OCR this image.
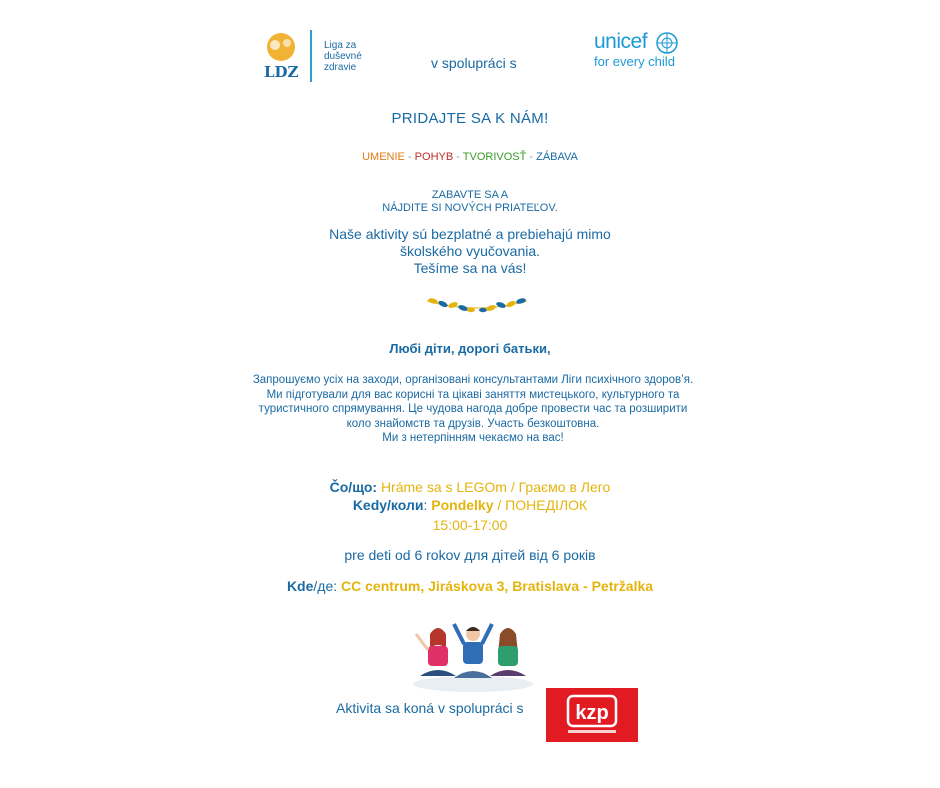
LDZ
Liga za
duševné
zdravie	v spolupráci s
unicef
for every child
PRIDAJTE SA K NÁM!
UMENIE - POHYB - TVORIVOSŤ - ZÁBAVA
ZABAVTE SA A
NÁJDITE SI NOVÝCH PRIATEĽOV.
Naše aktivity sú bezplatné a prebiehajú mimo
školského vyučovania.
Tešíme sa na vás!
Любі діти, дорогі батьки,
Запрошуємо усіх на заходи, організовані консультантами Ліги психічного здоров’я. Ми підготували для вас корисні та цікаві заняття мистецького, культурного та туристичного спрямування. Це чудова нагода добре провести час та розширити коло знайомств та друзів. Участь безкоштовна.
Ми з нетерпінням чекаємо на вас!
Čo/що: Hráme sa s LEGOm / Граємо в Лего
Kedy/коли: Pondelky / ПОНЕДІЛОК
15:00-17:00
pre deti od 6 rokov для дітей від 6 років
Kde/де: CC centrum, Jiráskova 3, Bratislava - Petržalka
Aktivita sa koná v spolupráci s	kzp
